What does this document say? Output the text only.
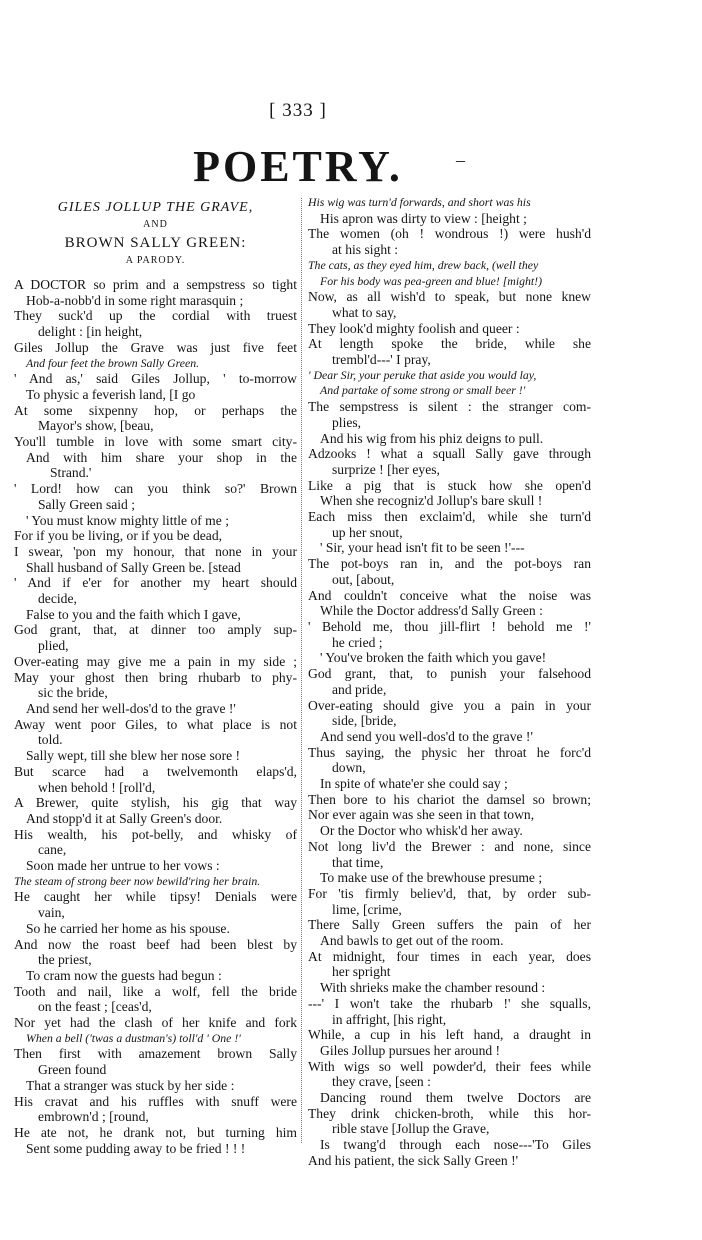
[ 333 ]
POETRY.	–
GILES JOLLUP THE GRAVE,
AND
BROWN SALLY GREEN:
A PARODY.
A DOCTOR so prim and a sempstress so tight
Hob-a-nobb'd in some right marasquin ;
They suck'd up the cordial with truest
delight : [in height,
Giles Jollup the Grave was just five feet
And four feet the brown Sally Green.
' And as,' said Giles Jollup, ' to-morrow
To physic a feverish land, [I go
At some sixpenny hop, or perhaps the
Mayor's show, [beau,
You'll tumble in love with some smart city-
And with him share your shop in the
Strand.'
' Lord! how can you think so?' Brown
Sally Green said ;
' You must know mighty little of me ;
For if you be living, or if you be dead,
I swear, 'pon my honour, that none in your
Shall husband of Sally Green be. [stead
' And if e'er for another my heart should
decide,
False to you and the faith which I gave,
God grant, that, at dinner too amply sup-
plied,
Over-eating may give me a pain in my side ;
May your ghost then bring rhubarb to phy-
sic the bride,
And send her well-dos'd to the grave !'
Away went poor Giles, to what place is not
told.
Sally wept, till she blew her nose sore !
But scarce had a twelvemonth elaps'd,
when behold ! [roll'd,
A Brewer, quite stylish, his gig that way
And stopp'd it at Sally Green's door.
His wealth, his pot-belly, and whisky of
cane,
Soon made her untrue to her vows :
The steam of strong beer now bewild'ring her brain.
He caught her while tipsy! Denials were
vain,
So he carried her home as his spouse.
And now the roast beef had been blest by
the priest,
To cram now the guests had begun :
Tooth and nail, like a wolf, fell the bride
on the feast ; [ceas'd,
Nor yet had the clash of her knife and fork
When a bell ('twas a dustman's) toll'd ' One !'
Then first with amazement brown Sally
Green found
That a stranger was stuck by her side :
His cravat and his ruffles with snuff were
embrown'd ; [round,
He ate not, he drank not, but turning him
Sent some pudding away to be fried ! ! !
His wig was turn'd forwards, and short was his
His apron was dirty to view : [height ;
The women (oh ! wondrous !) were hush'd
at his sight :
The cats, as they eyed him, drew back, (well they
For his body was pea-green and blue! [might!)
Now, as all wish'd to speak, but none knew
what to say,
They look'd mighty foolish and queer :
At length spoke the bride, while she
trembl'd---' I pray,
' Dear Sir, your peruke that aside you would lay,
And partake of some strong or small beer !'
The sempstress is silent : the stranger com-
plies,
And his wig from his phiz deigns to pull.
Adzooks ! what a squall Sally gave through
surprize ! [her eyes,
Like a pig that is stuck how she open'd
When she recogniz'd Jollup's bare skull !
Each miss then exclaim'd, while she turn'd
up her snout,
' Sir, your head isn't fit to be seen !'---
The pot-boys ran in, and the pot-boys ran
out, [about,
And couldn't conceive what the noise was
While the Doctor address'd Sally Green :
' Behold me, thou jill-flirt ! behold me !'
he cried ;
' You've broken the faith which you gave!
God grant, that, to punish your falsehood
and pride,
Over-eating should give you a pain in your
side, [bride,
And send you well-dos'd to the grave !'
Thus saying, the physic her throat he forc'd
down,
In spite of whate'er she could say ;
Then bore to his chariot the damsel so brown;
Nor ever again was she seen in that town,
Or the Doctor who whisk'd her away.
Not long liv'd the Brewer : and none, since
that time,
To make use of the brewhouse presume ;
For 'tis firmly believ'd, that, by order sub-
lime, [crime,
There Sally Green suffers the pain of her
And bawls to get out of the room.
At midnight, four times in each year, does
her spright
With shrieks make the chamber resound :
---' I won't take the rhubarb !' she squalls,
in affright, [his right,
While, a cup in his left hand, a draught in
Giles Jollup pursues her around !
With wigs so well powder'd, their fees while
they crave, [seen :
Dancing round them twelve Doctors are
They drink chicken-broth, while this hor-
rible stave [Jollup the Grave,
Is twang'd through each nose---'To Giles
And his patient, the sick Sally Green !'
